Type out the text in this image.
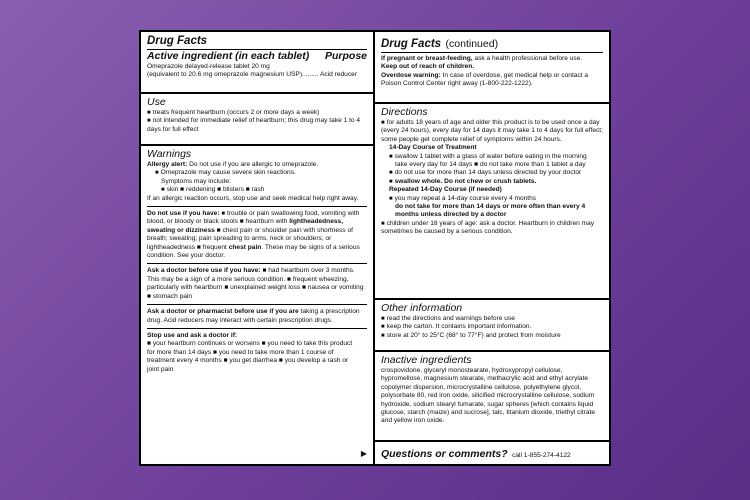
Drug Facts
Active ingredient (in each tablet) Purpose
Omeprazole delayed-release tablet 20 mg
(equivalent to 20.6 mg omeprazole magnesium USP)......... Acid reducer
Use
■ treats frequent heartburn (occurs 2 or more days a week)
■ not intended for immediate relief of heartburn; this drug may take 1 to 4 days for full effect
Warnings
Allergy alert: Do not use if you are allergic to omeprazole.
■ Omeprazole may cause severe skin reactions.
Symptoms may include:
■ skin ■ reddening ■ blisters ■ rash
If an allergic reaction occurs, stop use and seek medical help right away.
Do not use if you have: ■ trouble or pain swallowing food, vomiting with blood, or bloody or black stools ■ heartburn with lightheadedness, sweating or dizziness ■ chest pain or shoulder pain with shortness of breath; sweating; pain spreading to arms, neck or shoulders; or lightheadedness ■ frequent chest pain. These may be signs of a serious condition. See your doctor.
Ask a doctor before use if you have: ■ had heartburn over 3 months. This may be a sign of a more serious condition. ■ frequent wheezing, particularly with heartburn ■ unexplained weight loss ■ nausea or vomiting ■ stomach pain
Ask a doctor or pharmacist before use if you are taking a prescription drug. Acid reducers may interact with certain prescription drugs.
Stop use and ask a doctor if:
■ your heartburn continues or worsens ■ you need to take this product for more than 14 days ■ you need to take more than 1 course of treatment every 4 months ■ you get diarrhea ■ you develop a rash or joint pain
▶
Drug Facts (continued)
If pregnant or breast-feeding, ask a health professional before use.
Keep out of reach of children.
Overdose warning: In case of overdose, get medical help or contact a Poison Control Center right away (1-800-222-1222).
Directions
■ for adults 18 years of age and older this product is to be used once a day (every 24 hours), every day for 14 days it may take 1 to 4 days for full effect; some people get complete relief of symptoms within 24 hours.
14-Day Course of Treatment
■ swallow 1 tablet with a glass of water before eating in the morning
take every day for 14 days ■ do not take more than 1 tablet a day
■ do not use for more than 14 days unless directed by your doctor
■ swallow whole. Do not chew or crush tablets.
Repeated 14-Day Course (if needed)
■ you may repeat a 14-day course every 4 months
do not take for more than 14 days or more often than every 4 months unless directed by a doctor
■ children under 18 years of age: ask a doctor. Heartburn in children may sometimes be caused by a serious condition.
Other information
■ read the directions and warnings before use
■ keep the carton. It contains important information.
■ store at 20° to 25°C (68° to 77°F) and protect from moisture
Inactive ingredients
crospovidone, glyceryl monostearate, hydroxypropyl cellulose, hypromellose, magnesium stearate, methacrylic acid and ethyl acrylate copolymer dispersion, microcrystalline cellulose, polyethylene glycol, polysorbate 80, red iron oxide, silicified microcrystalline cellulose, sodium hydroxide, sodium stearyl fumarate, sugar spheres [which contains liquid glucose, starch (maize) and sucrose], talc, titanium dioxide, triethyl citrate and yellow iron oxide.
Questions or comments? call 1-855-274-4122
